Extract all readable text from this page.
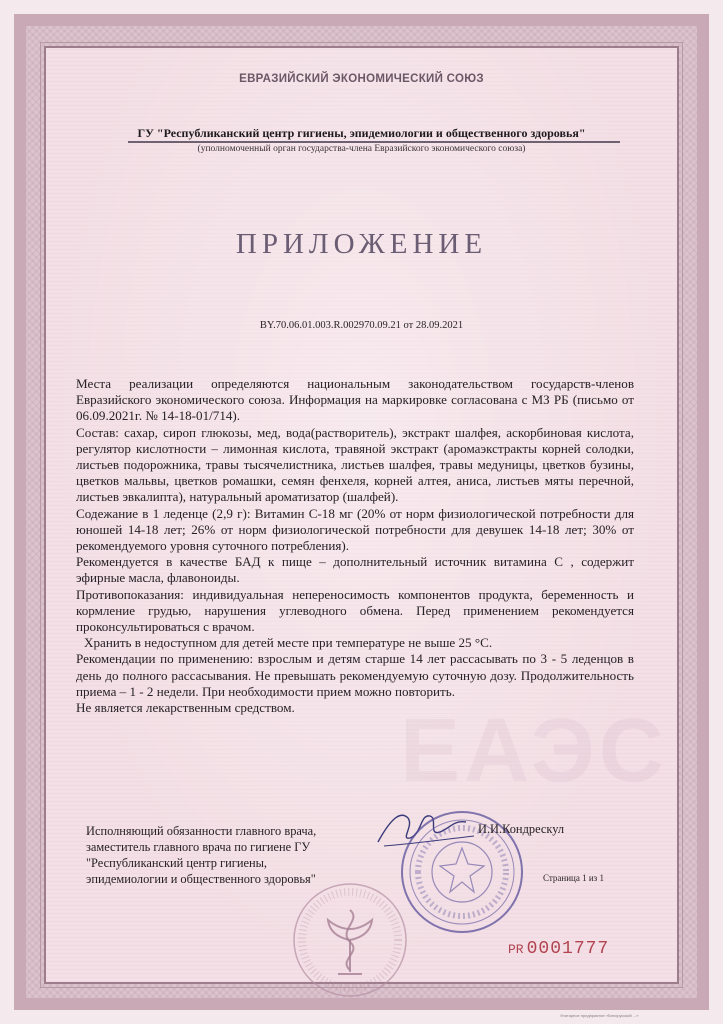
ЕАЭС
ЕВРАЗИЙСКИЙ ЭКОНОМИЧЕСКИЙ СОЮЗ
ГУ "Республиканский центр гигиены, эпидемиологии и общественного здоровья"
(уполномоченный орган государства-члена Евразийского экономического союза)
ПРИЛОЖЕНИЕ
BY.70.06.01.003.R.002970.09.21 от 28.09.2021

Места реализации определяются национальным законодательством государств-членов Евразийского экономического союза. Информация на маркировке согласована с МЗ РБ (письмо от 06.09.2021г. № 14-18-01/714).

Состав: сахар, сироп глюкозы, мед, вода(растворитель), экстракт шалфея, аскорбиновая кислота, регулятор кислотности – лимонная кислота, травяной экстракт (аромаэкстракты корней солодки, листьев подорожника, травы тысячелистника, листьев шалфея, травы медуницы, цветков бузины, цветков мальвы, цветков ромашки, семян фенхеля, корней алтея, аниса, листьев мяты перечной, листьев эвкалипта), натуральный ароматизатор (шалфей).

Содежание в 1 леденце (2,9 г): Витамин С-18 мг (20% от норм физиологической потребности для юношей 14-18 лет; 26% от норм физиологической потребности для девушек 14-18 лет; 30% от рекомендуемого уровня суточного потребления).

Рекомендуется в качестве БАД к пище – дополнительный источник витамина С , содержит эфирные масла, флавоноиды.

Противопоказания: индивидуальная непереносимость компонентов продукта, беременность и кормление грудью, нарушения углеводного обмена. Перед применением рекомендуется проконсультироваться с врачом.

Хранить в недоступном для детей месте при температуре не выше 25 °С.

Рекомендации по применению: взрослым и детям старше 14 лет рассасывать по 3 - 5 леденцов в день до полного рассасывания. Не превышать рекомендуемую суточную дозу. Продолжительность приема – 1 - 2 недели. При необходимости прием можно повторить.

Не является лекарственным средством.

Исполняющий обязанности главного врача,
заместитель главного врача по гигиене ГУ
"Республиканский центр гигиены,
эпидемиологии и общественного здоровья"
И.И.Кондрескул
Страница 1 из 1
PR 0001777
Унитарное предприятие «Белорусский ...»
